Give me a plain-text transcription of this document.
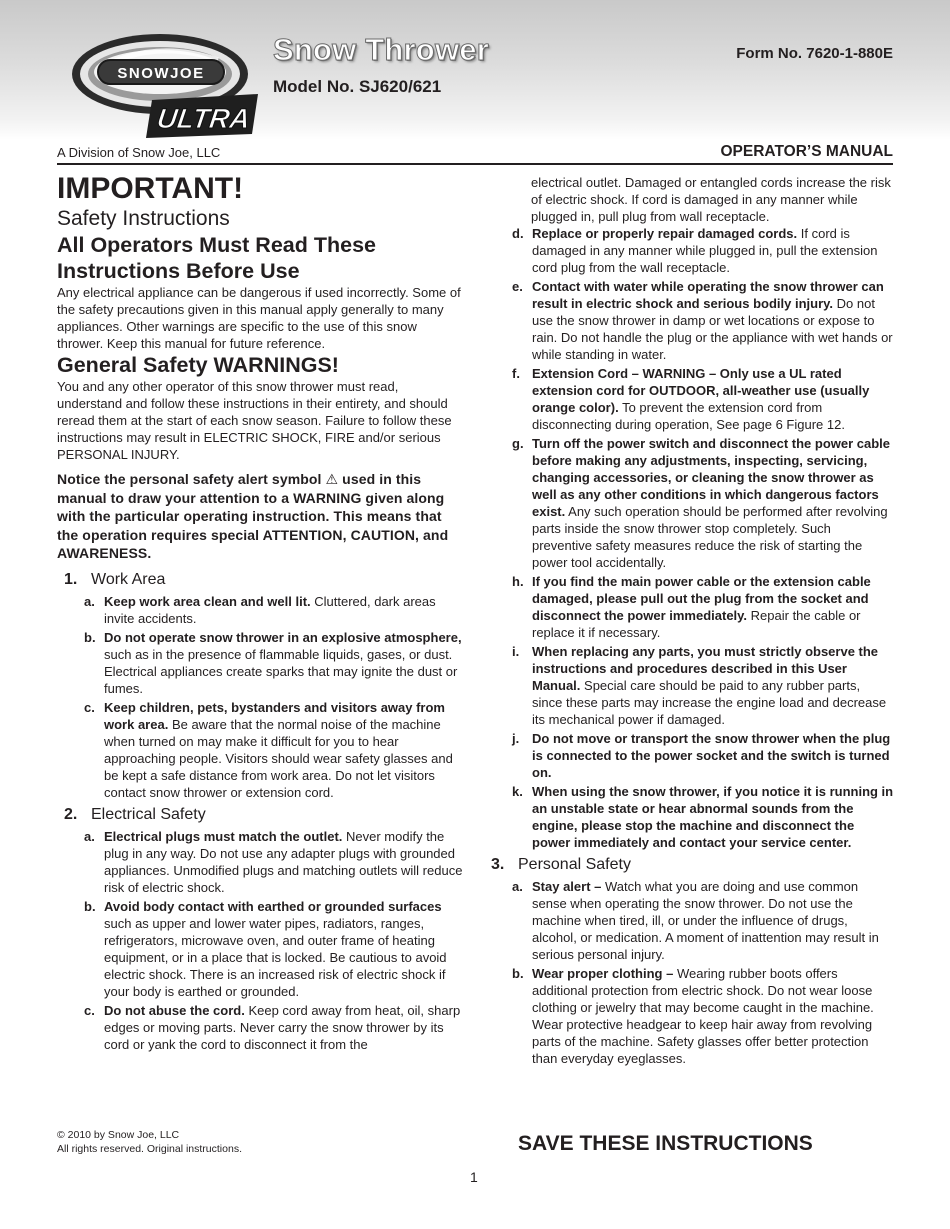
SNOWJOE
ULTRA
Snow Thrower
Model No. SJ620/621
Form No. 7620-1-880E
A Division of Snow Joe, LLC	OPERATOR’S MANUAL

IMPORTANT!

Safety Instructions

All Operators Must Read These Instructions Before Use

Any electrical appliance can be dangerous if used incorrectly. Some of the safety precautions given in this manual apply generally to many appliances. Other warnings are specific to the use of this snow thrower. Keep this manual for future reference.

General Safety WARNINGS!

You and any other operator of this snow thrower must read, understand and follow these instructions in their entirety, and should reread them at the start of each snow season. Failure to follow these instructions may result in ELECTRIC SHOCK, FIRE and/or serious PERSONAL INJURY.

Notice the personal safety alert symbol ⚠ used in this manual to draw your attention to a WARNING given along with the particular operating instruction. This means that the operation requires special ATTENTION, CAUTION, and AWARENESS.

1. Work Area
a. Keep work area clean and well lit. Cluttered, dark areas invite accidents.
b. Do not operate snow thrower in an explosive atmosphere, such as in the presence of flammable liquids, gases, or dust. Electrical appliances create sparks that may ignite the dust or fumes.
c. Keep children, pets, bystanders and visitors away from work area. Be aware that the normal noise of the machine when turned on may make it difficult for you to hear approaching people. Visitors should wear safety glasses and be kept a safe distance from work area. Do not let visitors contact snow thrower or extension cord.
2. Electrical Safety
a. Electrical plugs must match the outlet. Never modify the plug in any way. Do not use any adapter plugs with grounded appliances. Unmodified plugs and matching outlets will reduce risk of electric shock.
b. Avoid body contact with earthed or grounded surfaces such as upper and lower water pipes, radiators, ranges, refrigerators, microwave oven, and outer frame of heating equipment, or in a place that is locked. Be cautious to avoid electric shock. There is an increased risk of electric shock if your body is earthed or grounded.
c. Do not abuse the cord. Keep cord away from heat, oil, sharp edges or moving parts. Never carry the snow thrower by its cord or yank the cord to disconnect it from the

electrical outlet. Damaged or entangled cords increase the risk of electric shock. If cord is damaged in any manner while plugged in, pull plug from wall receptacle.

d. Replace or properly repair damaged cords. If cord is damaged in any manner while plugged in, pull the extension cord plug from the wall receptacle.
e. Contact with water while operating the snow thrower can result in electric shock and serious bodily injury. Do not use the snow thrower in damp or wet locations or expose to rain. Do not handle the plug or the appliance with wet hands or while standing in water.
f. Extension Cord – WARNING – Only use a UL rated extension cord for OUTDOOR, all-weather use (usually orange color). To prevent the extension cord from disconnecting during operation, See page 6 Figure 12.
g. Turn off the power switch and disconnect the power cable before making any adjustments, inspecting, servicing, changing accessories, or cleaning the snow thrower as well as any other conditions in which dangerous factors exist. Any such operation should be performed after revolving parts inside the snow thrower stop completely. Such preventive safety measures reduce the risk of starting the power tool accidentally.
h. If you find the main power cable or the extension cable damaged, please pull out the plug from the socket and disconnect the power immediately. Repair the cable or replace it if necessary.
i. When replacing any parts, you must strictly observe the instructions and procedures described in this User Manual. Special care should be paid to any rubber parts, since these parts may increase the engine load and decrease its mechanical power if damaged.
j. Do not move or transport the snow thrower when the plug is connected to the power socket and the switch is turned on.
k. When using the snow thrower, if you notice it is running in an unstable state or hear abnormal sounds from the engine, please stop the machine and disconnect the power immediately and contact your service center.
3. Personal Safety
a. Stay alert – Watch what you are doing and use common sense when operating the snow thrower. Do not use the machine when tired, ill, or under the influence of drugs, alcohol, or medication. A moment of inattention may result in serious personal injury.
b. Wear proper clothing – Wearing rubber boots offers additional protection from electric shock. Do not wear loose clothing or jewelry that may become caught in the machine. Wear protective headgear to keep hair away from revolving parts of the machine. Safety glasses offer better protection than everyday eyeglasses.
© 2010 by Snow Joe, LLC
All rights reserved. Original instructions.	SAVE THESE INSTRUCTIONS
1
